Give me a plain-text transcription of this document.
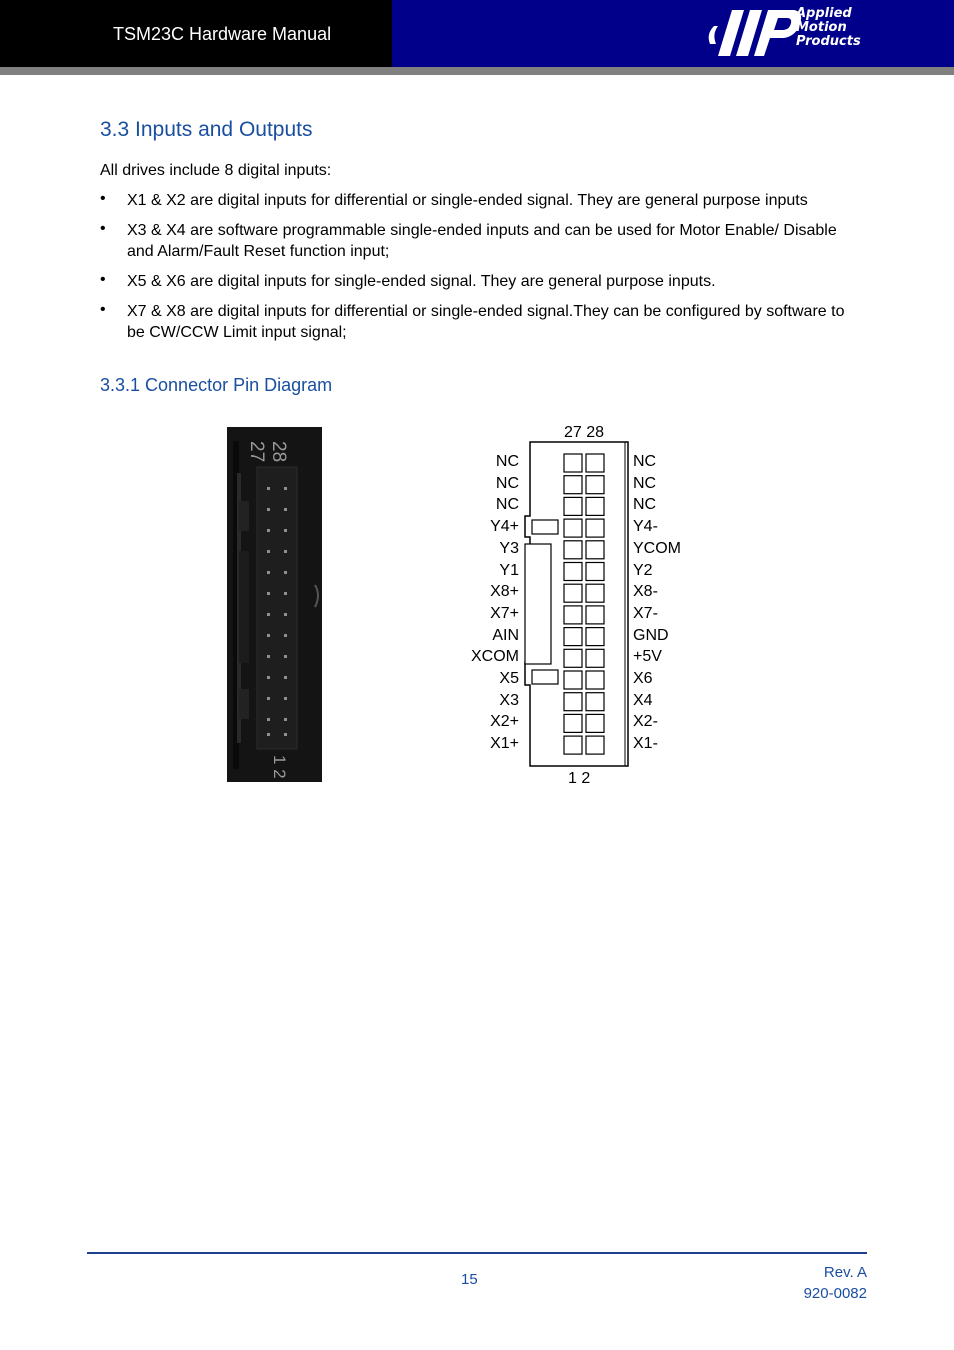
TSM23C Hardware Manual
Applied
Motion
Products
3.3 Inputs and Outputs
All drives include 8 digital inputs:
• X1 & X2 are digital inputs for differential or single-ended signal. They are general purpose inputs
• X3 & X4 are software programmable single-ended inputs and can be used for Motor Enable/ Disable and Alarm/Fault Reset function input;
• X5 & X6 are digital inputs for single-ended signal. They are general purpose inputs.
• X7 & X8 are digital inputs for differential or single-ended signal.They can be configured by software to be CW/CCW Limit input signal;
3.3.1 Connector Pin Diagram
28 27
1 2
27 28
NC
NC
NC
Y4+
Y3
Y1
X8+
X7+
AIN
XCOM
X5
X3
X2+
X1+
NC
NC
NC
Y4-
YCOM
Y2
X8-
X7-
GND
+5V
X6
X4
X2-
X1-
1 2
15	Rev. A
920-0082
